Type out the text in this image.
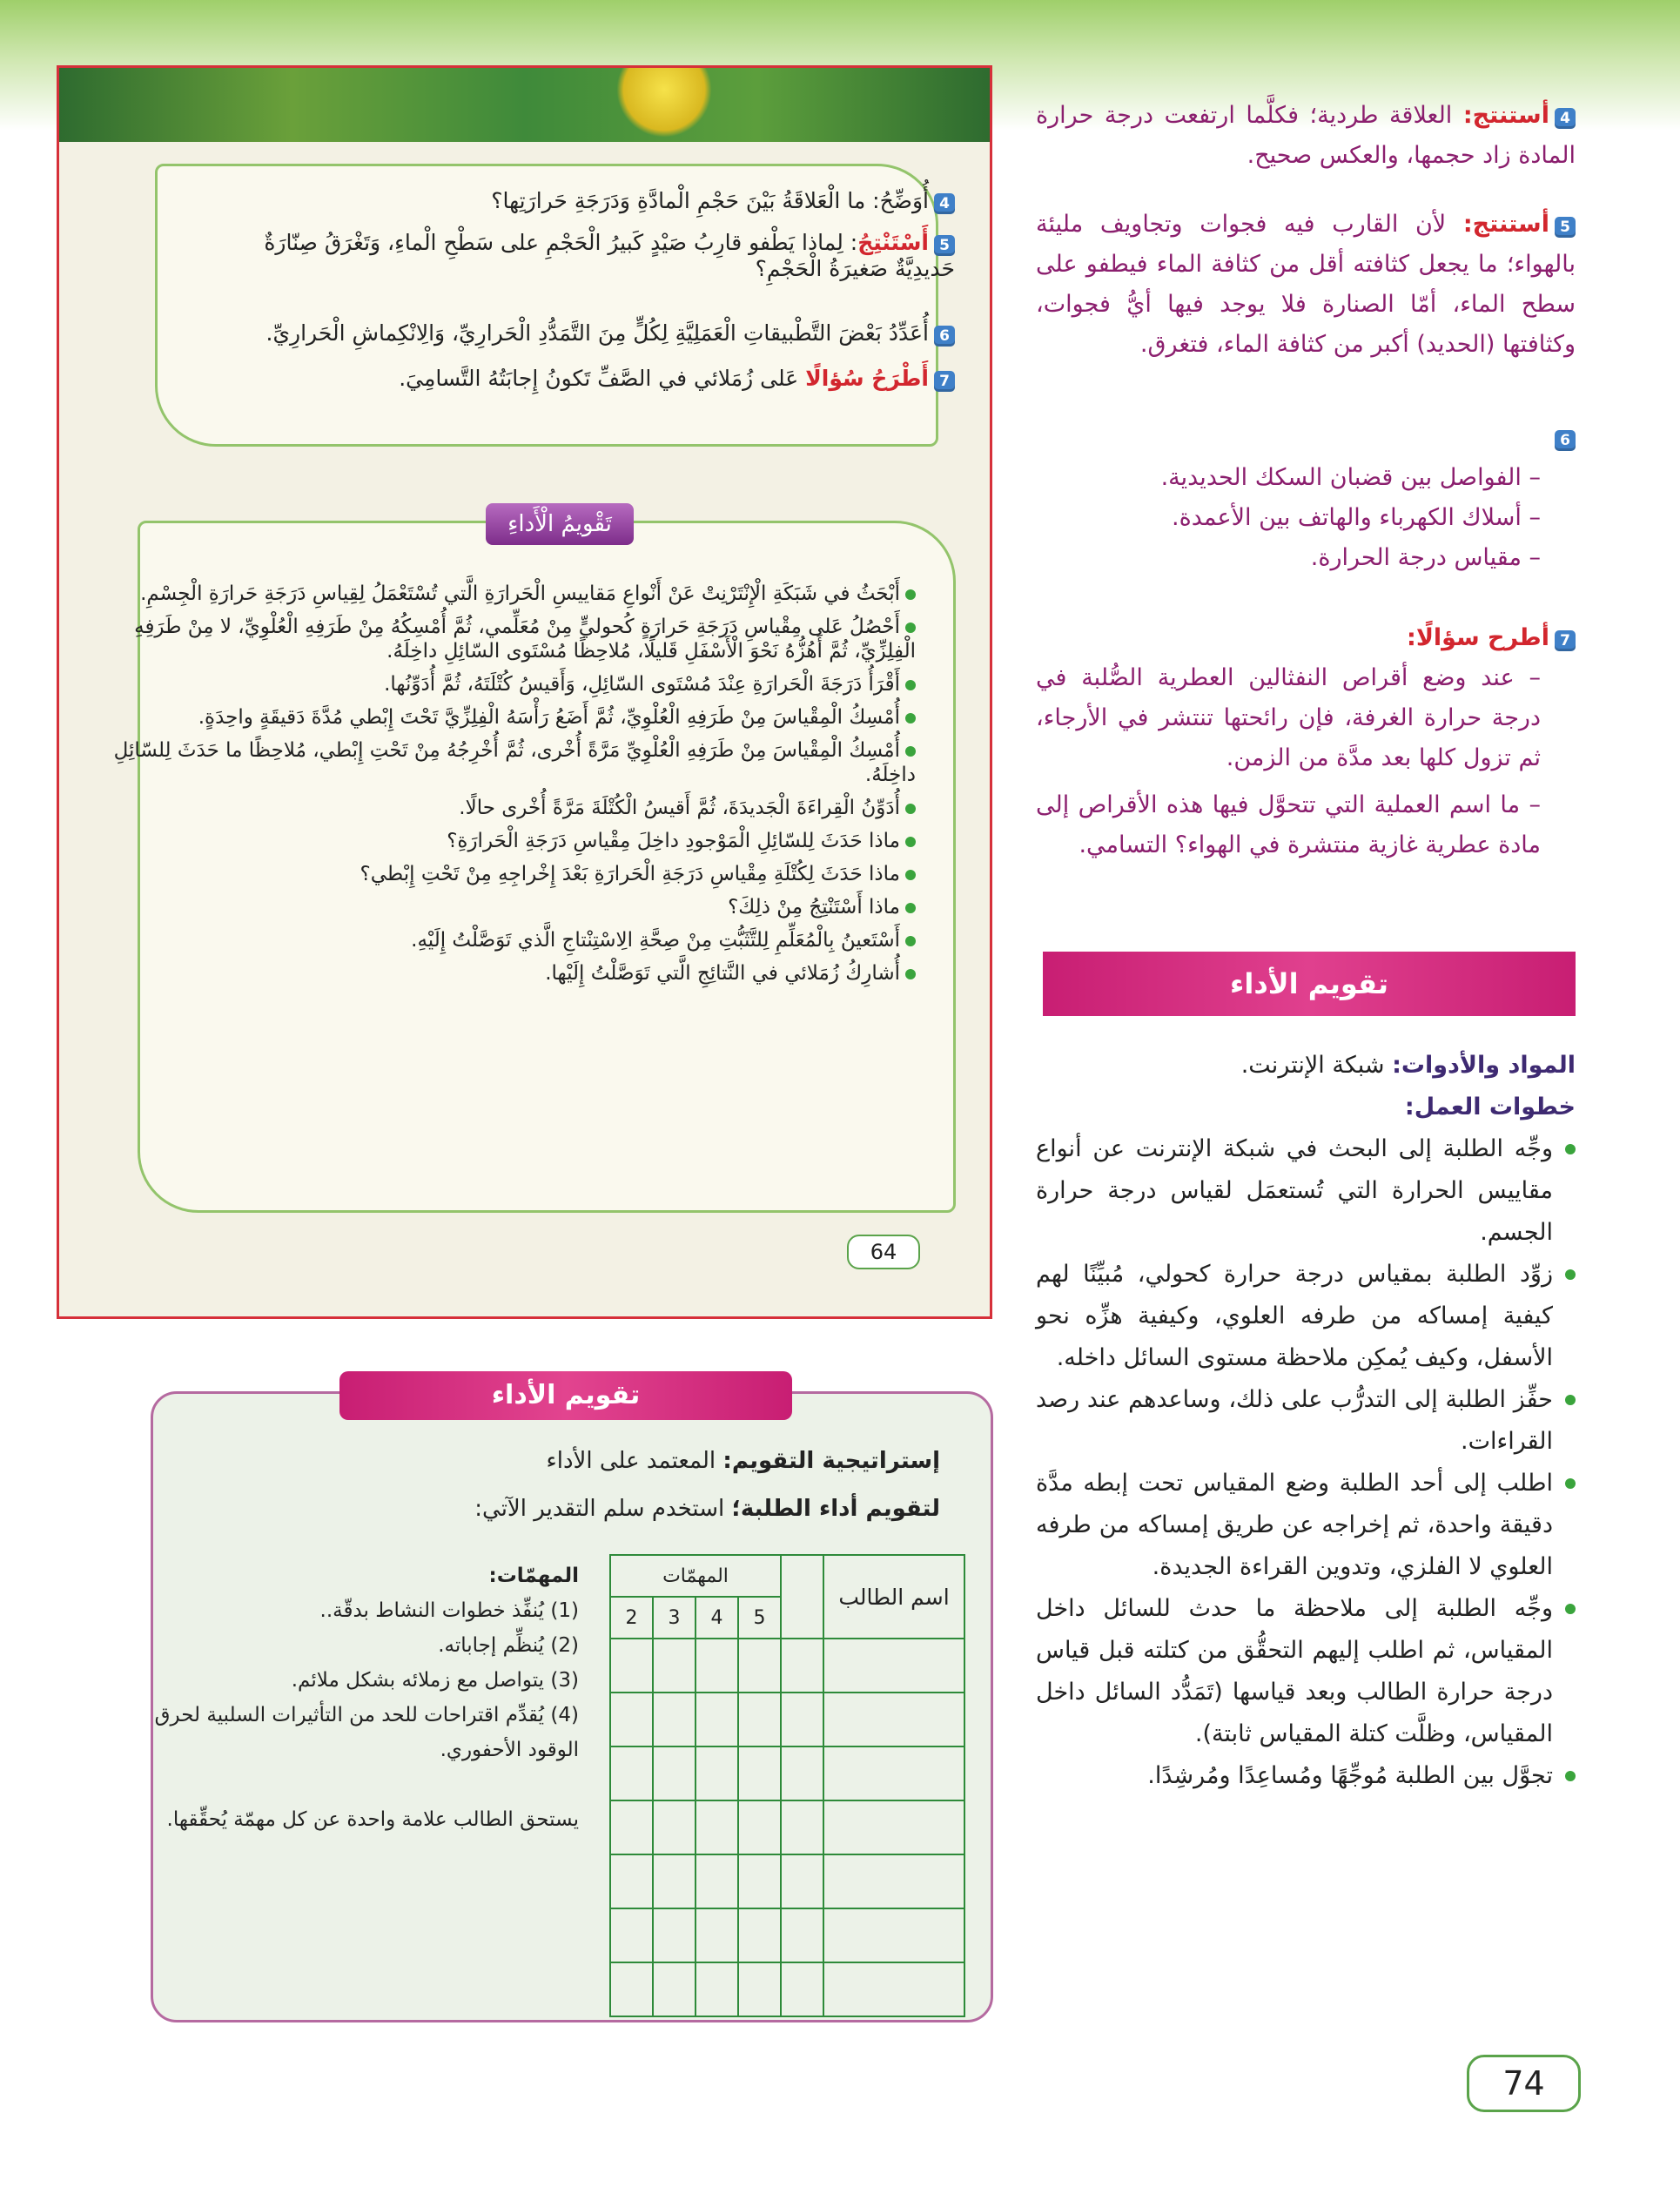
4أُوَضِّحُ: ما الْعَلاقَةُ بَيْنَ حَجْمِ الْمادَّةِ وَدَرَجَةِ حَرارَتِها؟
5أَسْتَنْتِجُ: لِماذا يَطْفو قارِبُ صَيْدٍ كَبيرُ الْحَجْمِ على سَطْحِ الْماءِ، وَتَغْرَقُ صِنّارَةٌ حَديدِيَّةٌ صَغيرَةُ الْحَجْمِ؟
6أُعَدِّدُ بَعْضَ التَّطْبيقاتِ الْعَمَلِيَّةِ لِكُلٍّ مِنَ التَّمَدُّدِ الْحَرارِيِّ، وَالِانْكِماشِ الْحَرارِيِّ.
7أَطْرَحُ سُؤالًا عَلى زُمَلائي في الصَّفِّ تَكونُ إِجابَتُهُ التَّسامِيَ.
تَقْويمُ الْأَداءِ
أَبْحَثُ في شَبَكَةِ الْإِنْتَرْنِتْ عَنْ أَنْواعِ مَقاييسِ الْحَرارَةِ الَّتي تُسْتَعْمَلُ لِقِياسِ دَرَجَةِ حَرارَةِ الْجِسْمِ.
أَحْصُلُ عَلى مِقْياسِ دَرَجَةِ حَرارَةٍ كُحوليٍّ مِنْ مُعَلِّمي، ثُمَّ أُمْسِكُهُ مِنْ طَرَفِهِ الْعُلْوِيِّ، لا مِنْ طَرَفِهِ الْفِلِزِّيِّ، ثُمَّ أَهُزُّهُ نَحْوَ الْأَسْفَلِ قَليلًا، مُلاحِظًا مُسْتَوى السّائِلِ داخِلَهُ.
أَقْرَأُ دَرَجَةَ الْحَرارَةِ عِنْدَ مُسْتَوى السّائِلِ، وَأَقيسُ كُتْلَتَهُ، ثُمَّ أُدَوِّنُها.
أُمْسِكُ الْمِقْياسَ مِنْ طَرَفِهِ الْعُلْوِيِّ، ثُمَّ أَضَعُ رَأْسَهُ الْفِلِزِّيَّ تَحْتَ إِبْطي مُدَّةَ دَقيقَةٍ واحِدَةٍ.
أُمْسِكُ الْمِقْياسَ مِنْ طَرَفِهِ الْعُلْوِيِّ مَرَّةً أُخْرى، ثُمَّ أُخْرِجُهُ مِنْ تَحْتِ إِبْطي، مُلاحِظًا ما حَدَثَ لِلسّائِلِ داخِلَهُ.
أُدَوِّنُ الْقِراءَةَ الْجَديدَةَ، ثُمَّ أَقيسُ الْكُتْلَةَ مَرَّةً أُخْرى حالًا.
ماذا حَدَثَ لِلسّائِلِ الْمَوْجودِ داخِلَ مِقْياسِ دَرَجَةِ الْحَرارَةِ؟
ماذا حَدَثَ لِكُتْلَةِ مِقْياسِ دَرَجَةِ الْحَرارَةِ بَعْدَ إِخْراجِهِ مِنْ تَحْتِ إِبْطي؟
ماذا أَسْتَنْتِجُ مِنْ ذلِكَ؟
أَسْتَعينُ بِالْمُعَلِّمِ لِلتَّثَبُّتِ مِنْ صِحَّةِ الِاسْتِنْتاجِ الَّذي تَوَصَّلْتُ إِلَيْهِ.
أُشارِكُ زُمَلائي في النَّتائِجِ الَّتي تَوَصَّلْتُ إِلَيْها.
64
4أستنتج: العلاقة طردية؛ فكلَّما ارتفعت درجة حرارة المادة زاد حجمها، والعكس صحيح.
5أستنتج: لأن القارب فيه فجوات وتجاويف مليئة بالهواء؛ ما يجعل كثافته أقل من كثافة الماء فيطفو على سطح الماء، أمّا الصنارة فلا يوجد فيها أيُّ فجوات، وكثافتها (الحديد) أكبر من كثافة الماء، فتغرق.
6
– الفواصل بين قضبان السكك الحديدية.
– أسلاك الكهرباء والهاتف بين الأعمدة.
– مقياس درجة الحرارة.
7أطرح سؤالًا:
– عند وضع أقراص النفثالين العطرية الصُّلبة في درجة حرارة الغرفة، فإن رائحتها تنتشر في الأرجاء، ثم تزول كلها بعد مدَّة من الزمن.
– ما اسم العملية التي تتحوَّل فيها هذه الأقراص إلى مادة عطرية غازية منتشرة في الهواء؟ التسامي.
تقويم الأداء
المواد والأدوات: شبكة الإنترنت.
خطوات العمل:
وجِّه الطلبة إلى البحث في شبكة الإنترنت عن أنواع مقاييس الحرارة التي تُستعمَل لقياس درجة حرارة الجسم.
زوِّد الطلبة بمقياس درجة حرارة كحولي، مُبيِّنًا لهم كيفية إمساكه من طرفه العلوي، وكيفية هزِّه نحو الأسفل، وكيف يُمكِن ملاحظة مستوى السائل داخله.
حفِّز الطلبة إلى التدرُّب على ذلك، وساعدهم عند رصد القراءات.
اطلب إلى أحد الطلبة وضع المقياس تحت إبطه مدَّة دقيقة واحدة، ثم إخراجه عن طريق إمساكه من طرفه العلوي لا الفلزي، وتدوين القراءة الجديدة.
وجِّه الطلبة إلى ملاحظة ما حدث للسائل داخل المقياس، ثم اطلب إليهم التحقُّق من كتلته قبل قياس درجة حرارة الطالب وبعد قياسها (تَمَدُّد السائل داخل المقياس، وظلَّت كتلة المقياس ثابتة).
تجوَّل بين الطلبة مُوجِّهًا ومُساعِدًا ومُرشِدًا.
74
تقويم الأداء
إستراتيجية التقويم: المعتمد على الأداء
لتقويم أداء الطلبة؛ استخدم سلم التقدير الآتي:
اسم الطالب		المهمّات			
		5	4	3	2

المهمّات:
(1) يُنفِّذ خطوات النشاط بدقّة..
(2) يُنظِّم إجاباته.
(3) يتواصل مع زملائه بشكل ملائم.
(4) يُقدِّم اقتراحات للحد من التأثيرات السلبية لحرق الوقود الأحفوري.
يستحق الطالب علامة واحدة عن كل مهمّة يُحقِّقها.
